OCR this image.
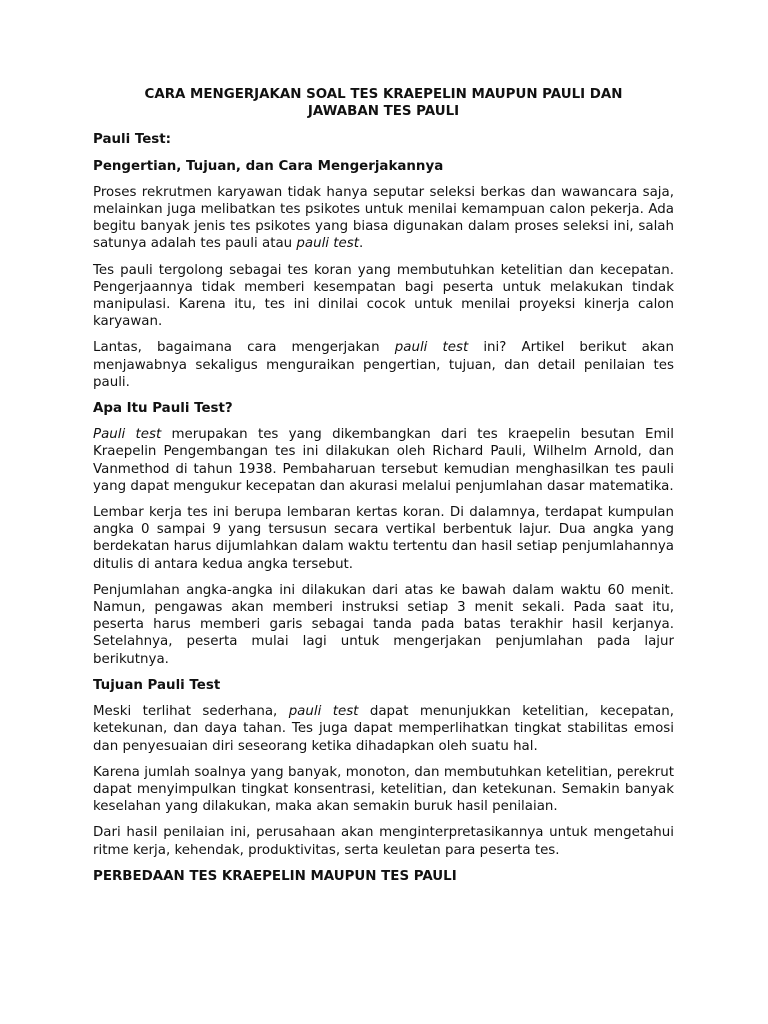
CARA MENGERJAKAN SOAL TES KRAEPELIN MAUPUN PAULI DAN
JAWABAN TES PAULI
Pauli Test:
Pengertian, Tujuan, dan Cara Mengerjakannya

Proses rekrutmen karyawan tidak hanya seputar seleksi berkas dan wawancara saja, melainkan juga melibatkan tes psikotes untuk menilai kemampuan calon pekerja. Ada begitu banyak jenis tes psikotes yang biasa digunakan dalam proses seleksi ini, salah satunya adalah tes pauli atau pauli test.

Tes pauli tergolong sebagai tes koran yang membutuhkan ketelitian dan kecepatan. Pengerjaannya tidak memberi kesempatan bagi peserta untuk melakukan tindak manipulasi. Karena itu, tes ini dinilai cocok untuk menilai proyeksi kinerja calon karyawan.

Lantas, bagaimana cara mengerjakan pauli test ini? Artikel berikut akan menjawabnya sekaligus menguraikan pengertian, tujuan, dan detail penilaian tes pauli.

Apa Itu Pauli Test?

Pauli test merupakan tes yang dikembangkan dari tes kraepelin besutan Emil Kraepelin Pengembangan tes ini dilakukan oleh Richard Pauli, Wilhelm Arnold, dan Vanmethod di tahun 1938. Pembaharuan tersebut kemudian menghasilkan tes pauli yang dapat mengukur kecepatan dan akurasi melalui penjumlahan dasar matematika.

Lembar kerja tes ini berupa lembaran kertas koran. Di dalamnya, terdapat kumpulan angka 0 sampai 9 yang tersusun secara vertikal berbentuk lajur. Dua angka yang berdekatan harus dijumlahkan dalam waktu tertentu dan hasil setiap penjumlahannya ditulis di antara kedua angka tersebut.

Penjumlahan angka-angka ini dilakukan dari atas ke bawah dalam waktu 60 menit. Namun, pengawas akan memberi instruksi setiap 3 menit sekali. Pada saat itu, peserta harus memberi garis sebagai tanda pada batas terakhir hasil kerjanya. Setelahnya, peserta mulai lagi untuk mengerjakan penjumlahan pada lajur berikutnya.

Tujuan Pauli Test

Meski terlihat sederhana, pauli test dapat menunjukkan ketelitian, kecepatan, ketekunan, dan daya tahan. Tes juga dapat memperlihatkan tingkat stabilitas emosi dan penyesuaian diri seseorang ketika dihadapkan oleh suatu hal.

Karena jumlah soalnya yang banyak, monoton, dan membutuhkan ketelitian, perekrut dapat menyimpulkan tingkat konsentrasi, ketelitian, dan ketekunan. Semakin banyak keselahan yang dilakukan, maka akan semakin buruk hasil penilaian.

Dari hasil penilaian ini, perusahaan akan menginterpretasikannya untuk mengetahui ritme kerja, kehendak, produktivitas, serta keuletan para peserta tes.

PERBEDAAN TES KRAEPELIN MAUPUN TES PAULI
